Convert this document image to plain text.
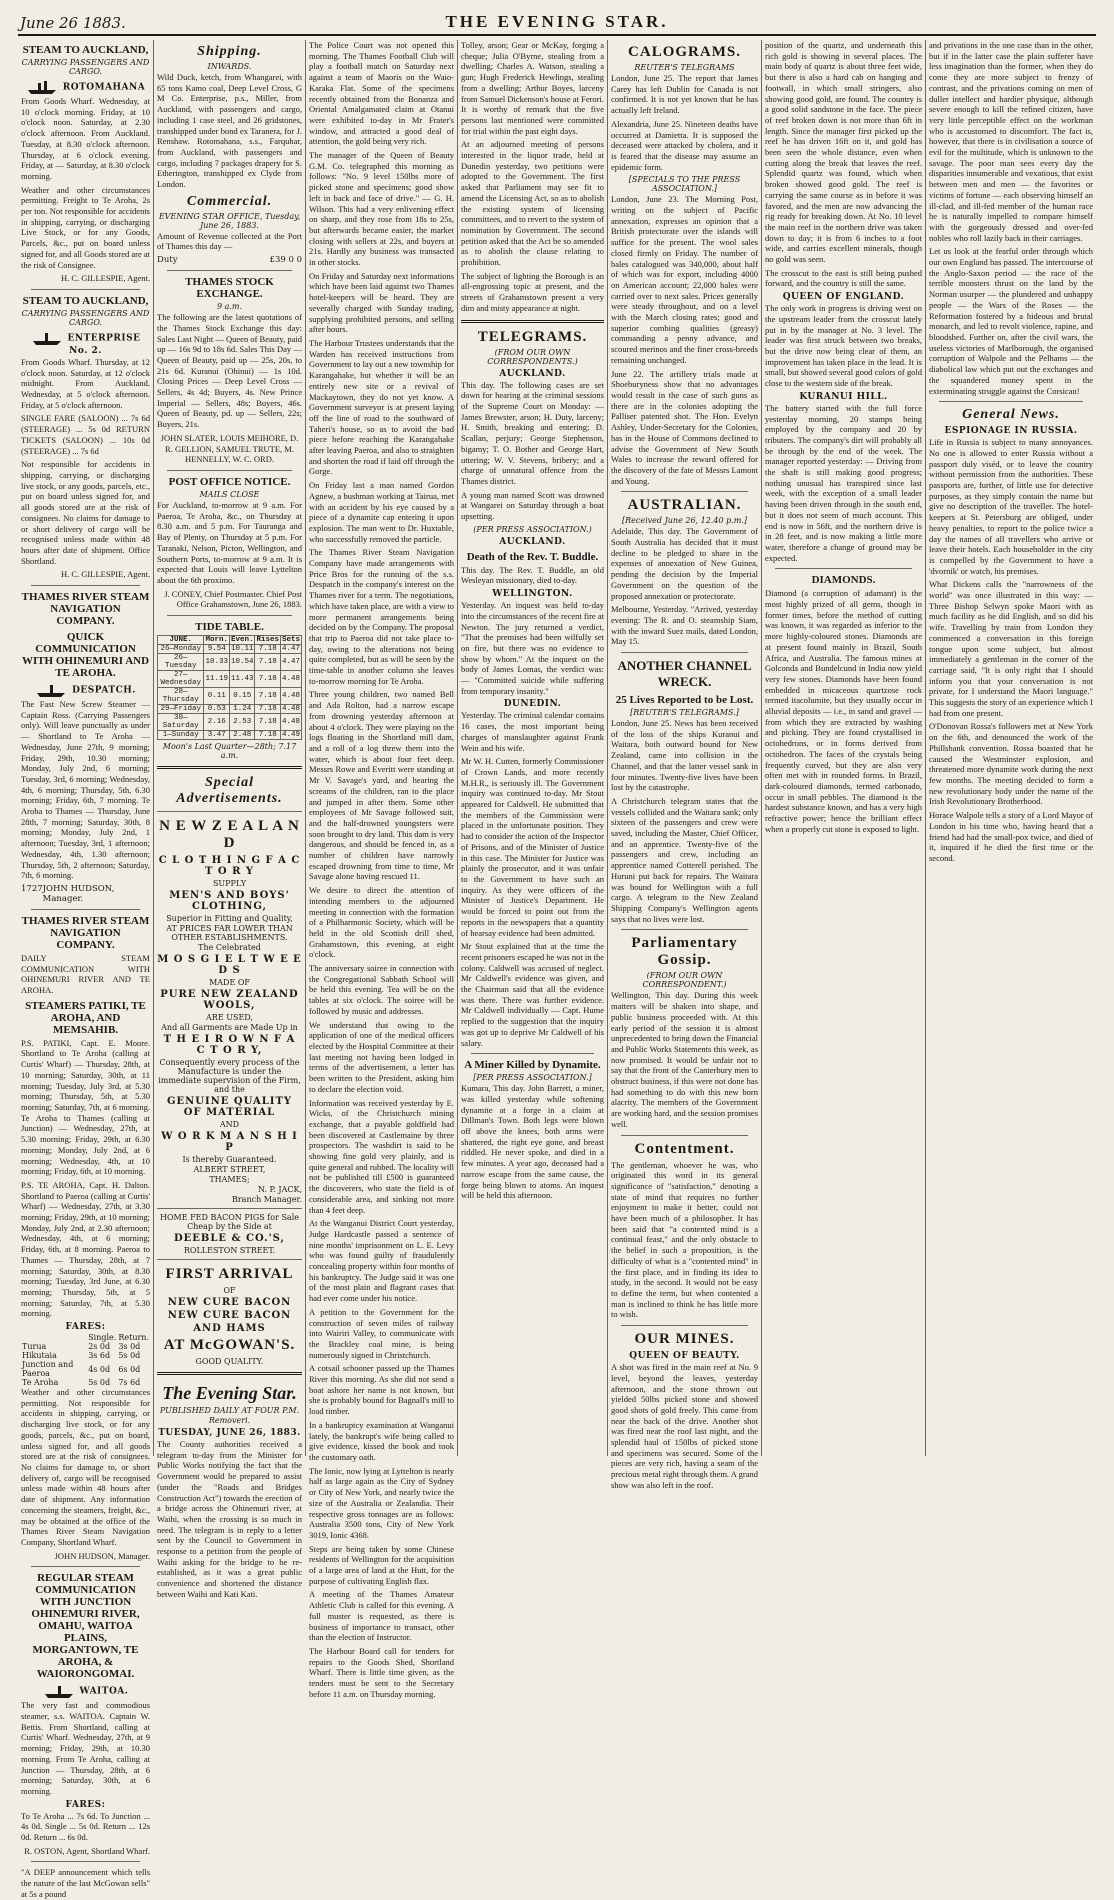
June 26 1883.	THE EVENING STAR.
STEAM TO AUCKLAND,
CARRYING PASSENGERS AND CARGO.
ROTOMAHANA

From Goods Wharf. Wednesday, at 10 o'clock morning. Friday, at 10 o'clock noon. Saturday, at 2.30 o'clock afternoon. From Auckland. Tuesday, at 8.30 o'clock afternoon. Thursday, at 6 o'clock evening. Friday, at — Saturday, at 8.30 o'clock morning.

Weather and other circumstances permitting. Freight to Te Aroha, 2s per ton. Not responsible for accidents in shipping, carrying, or discharging Live Stock, or for any Goods, Parcels, &c., put on board unless signed for, and all Goods stored are at the risk of Consignee.

H. C. GILLESPIE, Agent.

STEAM TO AUCKLAND,
CARRYING PASSENGERS AND CARGO.
ENTERPRISE No. 2.

From Goods Wharf. Thursday, at 12 o'clock noon. Saturday, at 12 o'clock midnight. From Auckland. Wednesday, at 5 o'clock afternoon. Friday, at 5 o'clock afternoon.

SINGLE FARE (SALOON) ... 7s 6d (STEERAGE) ... 5s 0d RETURN TICKETS (SALOON) ... 10s 0d (STEERAGE) ... 7s 6d

Not responsible for accidents in shipping, carrying, or discharging live stock, or any goods, parcels, etc., put on board unless signed for, and all goods stored are at the risk of consignees. No claims for damage to or short delivery of cargo will be recognised unless made within 48 hours after date of shipment. Office Shortland.

H. C. GILLESPIE, Agent.

THAMES RIVER STEAM NAVIGATION COMPANY.
QUICK COMMUNICATION WITH OHINEMURI AND TE AROHA.
DESPATCH.

The Fast New Screw Steamer — Captain Ross. (Carrying Passengers only). Will leave punctually as under — Shortland to Te Aroha — Wednesday, June 27th, 9 morning; Friday, 29th, 10.30 morning; Monday, July 2nd, 6 morning; Tuesday, 3rd, 6 morning; Wednesday, 4th, 6 morning; Thursday, 5th, 6.30 morning; Friday, 6th, 7 morning. Te Aroha to Thames — Thursday, June 28th, 7 morning; Saturday, 30th, 8 morning; Monday, July 2nd, 1 afternoon; Tuesday, 3rd, 1 afternoon; Wednesday, 4th, 1.30 afternoon; Thursday, 5th, 2 afternoon; Saturday, 7th, 6 morning.

1727 JOHN HUDSON, Manager.
THAMES RIVER STEAM NAVIGATION COMPANY.

DAILY STEAM COMMUNICATION WITH OHINEMURI RIVER AND TE AROHA.

STEAMERS PATIKI, TE AROHA, AND MEMSAHIB.

P.S. PATIKI, Capt. E. Moore. Shortland to Te Aroha (calling at Curtis' Wharf) — Thursday, 28th, at 10 morning; Saturday, 30th, at 11 morning; Tuesday, July 3rd, at 5.30 morning; Thursday, 5th, at 5.30 morning; Saturday, 7th, at 6 morning. Te Aroha to Thames (calling at Junction) — Wednesday, 27th, at 5.30 morning; Friday, 29th, at 6.30 morning; Monday, July 2nd, at 6 morning; Wednesday, 4th, at 10 morning; Friday, 6th, at 10 morning.

P.S. TE AROHA, Capt. H. Dalton. Shortland to Paeroa (calling at Curtis' Wharf) — Wednesday, 27th, at 3.30 morning; Friday, 29th, at 10 morning; Monday, July 2nd, at 2.30 afternoon; Wednesday, 4th, at 6 morning; Friday, 6th, at 8 morning. Paeroa to Thames — Thursday, 28th, at 7 morning; Saturday, 30th, at 8.30 morning; Tuesday, 3rd June, at 6.30 morning; Thursday, 5th, at 5 morning; Saturday, 7th, at 5.30 morning.

FARES:
	Single.	Return.
Turua	2s 0d	3s 0d
Hikutaia	3s 6d	5s 0d
Junction and Paeroa	4s 0d	6s 0d
Te Aroha	5s 0d	7s 6d

Weather and other circumstances permitting. Not responsible for accidents in shipping, carrying, or discharging live stock, or for any goods, parcels, &c., put on board, unless signed for, and all goods stored are at the risk of consignees. No claims for damage to, or short delivery of, cargo will be recognised unless made within 48 hours after date of shipment. Any information concerning the steamers, freight, &c., may be obtained at the office of the Thames River Steam Navigation Company, Shortland Wharf.

JOHN HUDSON, Manager.

REGULAR STEAM COMMUNICATION WITH JUNCTION OHINEMURI RIVER, OMAHU, WAITOA PLAINS, MORGANTOWN, TE AROHA, & WAIORONGOMAI.
WAITOA.

The very fast and commodious steamer, s.s. WAITOA. Captain W. Bettis. From Shortland, calling at Curtis' Wharf. Wednesday, 27th, at 9 morning; Friday, 29th, at 10.30 morning. From Te Aroha, calling at Junction — Thursday, 28th, at 6 morning; Saturday, 30th, at 6 morning.

FARES:

To Te Aroha ... 7s 6d. To Junction ... 4s 0d. Single ... 5s 0d. Return ... 12s 0d. Return ... 6s 0d.

R. OSTON, Agent, Shortland Wharf.

"A DEEP announcement which tells the nature of the last McGowan sells" at 5s a pound

Shipping.
INWARDS.

Wild Duck, ketch, from Whangarei, with 65 tons Kamo coal, Deep Level Cross, G M Co. Enterprise, p.s., Miller, from Auckland, with passengers and cargo, including 1 case steel, and 26 gridstones, transhipped under bond ex Taranera, for J. Renshaw. Rotomahana, s.s., Farquhar, from Auckland, with passengers and cargo, including 7 packages drapery for S. Etherington, transhipped ex Clyde from London.

Commercial.
EVENING STAR OFFICE, Tuesday, June 26, 1883.

Amount of Revenue collected at the Port of Thames this day —

Duty	£39 0 0
THAMES STOCK EXCHANGE.
9 a.m.

The following are the latest quotations of the Thames Stock Exchange this day: Sales Last Night — Queen of Beauty, paid up — 16s 9d to 18s 6d. Sales This Day — Queen of Beauty, paid up — 25s, 20s, to 21s 6d. Kuranui (Ohinui) — 1s 10d. Closing Prices — Deep Level Cross — Sellers, 4s 4d; Buyers, 4s. New Prince Imperial — Sellers, 48s; Buyers, 46s. Queen of Beauty, pd. up — Sellers, 22s; Buyers, 21s.

JOHN SLATER, LOUIS MEIHORE, D. R. GELLION, SAMUEL TRUTE, M. HENNELLY, W. C. ORD.

POST OFFICE NOTICE.
MAILS CLOSE

For Auckland, to-morrow at 9 a.m. For Paeroa, Te Aroha, &c., on Thursday at 8.30 a.m. and 5 p.m. For Tauranga and Bay of Plenty, on Thursday at 5 p.m. For Taranaki, Nelson, Picton, Wellington, and Southern Ports, to-morrow at 9 a.m. It is expected that Louis will leave Lyttelton about the 6th proximo.

J. CONEY, Chief Postmaster. Chief Post Office Grahamstown, June 26, 1883.

TIDE TABLE.
JUNE.	Morn.	Even.	Rises	Sets
26—Monday	9.54	10.11	7.18	4.47
26—Tuesday	10.33	10.54	7.18	4.47
27—Wednesday	11.19	11.43	7.18	4.48
28—Thursday	0.11	0.15	7.18	4.48
29—Friday	0.53	1.24	7.18	4.48
30—Saturday	2.16	2.53	7.18	4.48
1—Sunday	3.47	2.48	7.18	4.49
Moon's Last Quarter—28th; 7.17 a.m.
Special Advertisements.
N E W Z E A L A N D
C L O T H I N G F A C T O R Y
SUPPLY
MEN'S AND BOYS' CLOTHING,
Superior in Fitting and Quality,
AT PRICES FAR LOWER THAN OTHER ESTABLISHMENTS.
The Celebrated
M O S G I E L T W E E D S
MADE OF
PURE NEW ZEALAND WOOLS,
ARE USED,
And all Garments are Made Up in
T H E I R O W N F A C T O R Y,
Consequently every process of the Manufacture is under the immediate supervision of the Firm, and the
GENUINE QUALITY OF MATERIAL
AND
W O R K M A N S H I P
Is thereby Guaranteed.
ALBERT STREET,
THAMES;
N. P. JACK,
Branch Manager.
HOME FED BACON PIGS for Sale Cheap by the Side at
DEEBLE & CO.'S,
ROLLESTON STREET.
FIRST ARRIVAL
OF
NEW CURE BACON
NEW CURE BACON
AND HAMS
AT McGOWAN'S.
GOOD QUALITY.
The Evening Star.
PUBLISHED DAILY AT FOUR P.M.
Removeri.
TUESDAY, JUNE 26, 1883.

The County authorities received a telegram to-day from the Minister for Public Works notifying the fact that the Government would be prepared to assist (under the "Roads and Bridges Construction Act") towards the erection of a bridge across the Ohinemuri river, at Waihi, when the crossing is so much in need. The telegram is in reply to a letter sent by the Council to Government in response to a petition from the people of Waihi asking for the bridge to be re-established, as it was a great public convenience and shortened the distance between Waihi and Kati Kati.

The Police Court was not opened this morning. The Thames Football Club will play a football match on Saturday next against a team of Maoris on the Waio-Karaka Flat. Some of the specimens recently obtained from the Bonanza and Oriental Amalgamated claim at Otanui were exhibited to-day in Mr Frater's window, and attracted a good deal of attention, the gold being very rich.

The manager of the Queen of Beauty G.M. Co. telegraphed this morning as follows: "No. 9 level 150lbs more of picked stone and specimens; good show left in back and face of drive." — G. H. Wilson. This had a very enlivening effect on sharp, and they rose from 18s to 25s, but afterwards became easier, the market closing with sellers at 22s, and buyers at 21s. Hardly any business was transacted in other stocks.

On Friday and Saturday next informations which have been laid against two Thames hotel-keepers will be heard. They are severally charged with Sunday trading, supplying prohibited persons, and selling after hours.

The Harbour Trustees understands that the Warden has received instructions from Government to lay out a new township for Karangahake, but whether it will be an entirely new site or a revival of Mackaytown, they do not yet know. A Government surveyor is at present laying off the line of road to the southward of Taheri's house, so as to avoid the bad piece before reaching the Karangahake after leaving Paeroa, and also to straighten and shorten the road if laid off through the Gorge.

On Friday last a man named Gordon Agnew, a bushman working at Tairua, met with an accident by his eye caused by a piece of a dynamite cap entering it upon explosion. The man went to Dr. Huxtable, who successfully removed the particle.

The Thames River Steam Navigation Company have made arrangements with Price Bros for the running of the s.s. Despatch in the company's interest on the Thames river for a term. The negotiations, which have taken place, are with a view to more permanent arrangements being decided on by the Company. The proposal that trip to Paeroa did not take place to-day, owing to the alterations not being quite completed, but as will be seen by the time-table in another column she leaves to-morrow morning for Te Aroha.

Three young children, two named Bell and Ada Rolton, had a narrow escape from drowning yesterday afternoon at about 4 o'clock. They were playing on the logs floating in the Shortland mill dam, and a roll of a log threw them into the water, which is about four feet deep. Messrs Rowe and Everitt were standing at Mr V. Savage's yard, and hearing the screams of the children, ran to the place and jumped in after them. Some other employees of Mr Savage followed suit, and the half-drowned youngsters were soon brought to dry land. This dam is very dangerous, and should be fenced in, as a number of children have narrowly escaped drowning from time to time, Mr Savage alone having rescued 11.

We desire to direct the attention of intending members to the adjourned meeting in connection with the formation of a Philharmonic Society, which will be held in the old Scottish drill shed, Grahamstown, this evening, at eight o'clock.

The anniversary soiree in connection with the Congregational Sabbath School will be held this evening. Tea will be on the tables at six o'clock. The soiree will be followed by music and addresses.

We understand that owing to the application of one of the medical officers elected by the Hospital Committee at their last meeting not having been lodged in terms of the advertisement, a letter has been written to the President, asking him to declare the election void.

Information was received yesterday by E. Wicks, of the Christchurch mining exchange, that a payable goldfield had been discovered at Castlemaine by three prospectors. The washdirt is said to be showing fine gold very plainly, and is quite general and rubbed. The locality will not be published till £500 is guaranteed the discoverers, who state the field is of considerable area, and sinking not more than 4 feet deep.

At the Wanganui District Court yesterday, Judge Hardcastle passed a sentence of nine months' imprisonment on L. E. Levy who was found guilty of fraudulently concealing property within four months of his bankruptcy. The Judge said it was one of the most plain and flagrant cases that had ever come under his notice.

A petition to the Government for the construction of seven miles of railway into Wairiri Valley, to communicate with the Brackley coal mine, is being numerously signed in Christchurch.

A cotsail schooner passed up the Thames River this morning. As she did not send a boat ashore her name is not known, but she is probably bound for Bagnall's mill to load timber.

In a bankruptcy examination at Wanganui lately, the bankrupt's wife being called to give evidence, kissed the book and took the customary oath.

The Ionic, now lying at Lyttelton is nearly half as large again as the City of Sydney or City of New York, and nearly twice the size of the Australia or Zealandia. Their respective gross tonnages are as follows: Australia 3500 tons, City of New York 3019, Ionic 4368.

Steps are being taken by some Chinese residents of Wellington for the acquisition of a large area of land at the Hutt, for the purpose of cultivating English flax.

A meeting of the Thames Amateur Athletic Club is called for this evening. A full muster is requested, as there is business of importance to transact, other than the election of Instructor.

The Harbour Board call for tenders for repairs to the Goods Shed, Shortland Wharf. There is little time given, as the tenders must be sent to the Secretary before 11 a.m. on Thursday morning.

Tolley, arson; Gear or McKay, forging a cheque; Julia O'Byrne, stealing from a dwelling; Charles A. Watson, stealing a gun; Hugh Frederick Hewlings, stealing from a dwelling; Arthur Boyes, larceny from Samuel Dickenson's house at Ferori. It is worthy of remark that the five persons last mentioned were committed for trial within the past eight days.

At an adjourned meeting of persons interested in the liquor trade, held at Dunedin yesterday, two petitions were adopted to the Government. The first asked that Parliament may see fit to amend the Licensing Act, so as to abolish the existing system of licensing committees, and to revert to the system of nomination by Government. The second petition asked that the Act be so amended as to abolish the clause relating to prohibition.

The subject of lighting the Borough is an all-engrossing topic at present, and the streets of Grahamstown present a very dim and misty appearance at night.

TELEGRAMS.
(FROM OUR OWN CORRESPONDENTS.)
AUCKLAND.

This day. The following cases are set down for hearing at the criminal sessions of the Supreme Court on Monday: — James Brewster, arson; H. Duty, larceny; H. Smith, breaking and entering; D. Scallan, perjury; George Stephenson, bigamy; T. O. Bother and George Hart, uttering; W. V. Stevens, bribery; and a charge of unnatural offence from the Thames district.

A young man named Scott was drowned at Wangarei on Saturday through a boat upsetting.

(PER PRESS ASSOCIATION.)
AUCKLAND.
Death of the Rev. T. Buddle.

This day. The Rev. T. Buddle, an old Wesleyan missionary, died to-day.

WELLINGTON.

Yesterday. An inquest was held to-day into the circumstances of the recent fire at Newton. The jury returned a verdict, "That the premises had been wilfully set on fire, but there was no evidence to show by whom." At the inquest on the body of James Lomas, the verdict was: — "Committed suicide while suffering from temporary insanity."

DUNEDIN.

Yesterday. The criminal calendar contains 16 cases, the most important being charges of manslaughter against Frank Wein and his wife.

Mr W. H. Cutten, formerly Commissioner of Crown Lands, and more recently M.H.R., is seriously ill. The Government inquiry was continued to-day. Mr Stout appeared for Caldwell. He submitted that the members of the Commission were placed in the unfortunate position. They had to consider the action of the Inspector of Prisons, and of the Minister of Justice in this case. The Minister for Justice was plainly the prosecutor, and it was unfair to the Government to have such an inquiry. As they were officers of the Minister of Justice's Department. He would be forced to point out from the reports in the newspapers that a quantity of hearsay evidence had been admitted.

Mr Stout explained that at the time the recent prisoners escaped he was not in the colony. Caldwell was accused of neglect. Mr Caldwell's evidence was given, and the Chairman said that all the evidence was there. There was further evidence. Mr Caldwell individually — Capt. Hume replied to the suggestion that the inquiry was got up to deprive Mr Caldwell of his salary.

A Miner Killed by Dynamite.
[PER PRESS ASSOCIATION.]

Kumara, This day. John Barrett, a miner, was killed yesterday while softening dynamite at a forge in a claim at Dillman's Town. Both legs were blown off above the knees, both arms were shattered, the right eye gone, and breast riddled. He never spoke, and died in a few minutes. A year ago, deceased had a narrow escape from the same cause, the forge being blown to atoms. An inquest will be held this afternoon.

CALOGRAMS.
REUTER'S TELEGRAMS

London, June 25. The report that James Carey has left Dublin for Canada is not confirmed. It is not yet known that he has actually left Ireland.

Alexandria, June 25. Nineteen deaths have occurred at Damietta. It is supposed the deceased were attacked by cholera, and it is feared that the disease may assume an epidemic form.

[SPECIALS TO THE PRESS ASSOCIATION.]

London, June 23. The Morning Post, writing on the subject of Pacific annexation, expresses an opinion that a British protectorate over the islands will suffice for the present. The wool sales closed firmly on Friday. The number of bales catalogued was 340,000, about half of which was for export, including 4000 on American account; 22,000 bales were carried over to next sales. Prices generally were steady throughout, and on a level with the March closing rates; good and superior combing qualities (greasy) commanding a penny advance, and scoured merinos and the finer cross-breeds remaining unchanged.

June 22. The artillery trials made at Shoeburyness show that no advantages would result in the case of such guns as there are in the colonies adopting the Palliser patented shot. The Hon. Evelyn Ashley, Under-Secretary for the Colonies, has in the House of Commons declined to advise the Government of New South Wales to increase the reward offered for the discovery of the fate of Messrs Lamont and Young.

AUSTRALIAN.
[Received June 26, 12.40 p.m.]

Adelaide, This day. The Government of South Australia has decided that it must decline to be pledged to share in the expenses of annexation of New Guinea, pending the decision by the Imperial Government on the question of the proposed annexation or protectorate.

Melbourne, Yesterday. "Arrived, yesterday evening: The R. and O. steamship Siam, with the inward Suez mails, dated London, May 15.

ANOTHER CHANNEL WRECK.
25 Lives Reported to be Lost.
[REUTER'S TELEGRAMS.]

London, June 25. News has been received of the loss of the ships Kuranui and Waitara, both outward bound for New Zealand, came into collision in the Channel, and that the latter vessel sank in four minutes. Twenty-five lives have been lost by the catastrophe.

A Christchurch telegram states that the vessels collided and the Waitara sank; only sixteen of the passengers and crew were saved, including the Master, Chief Officer, and an apprentice. Twenty-five of the passengers and crew, including an apprentice named Cotterell perished. The Huruni put back for repairs. The Waitara was bound for Wellington with a full cargo. A telegram to the New Zealand Shipping Company's Wellington agents says that no lives were lost.

Parliamentary Gossip.
(FROM OUR OWN CORRESPONDENT.)

Wellington, This day. During this week matters will be shaken into shape, and public business proceeded with. At this early period of the session it is almost unprecedented to bring down the Financial and Public Works Statements this week, as now promised. It would be unfair not to say that the front of the Canterbury men to obstruct business, if this were not done has had something to do with this new born alacrity. The members of the Government are working hard, and the session promises well.

Contentment.

The gentleman, whoever he was, who originated this word in its general significance of "satisfaction," denoting a state of mind that requires no further enjoyment to make it better, could not have been much of a philosopher. It has been said that "a contented mind is a continual feast," and the only obstacle to the belief in such a proposition, is the difficulty of what is a "contented mind" in the first place, and in finding its idea to study, in the second. It would not be easy to define the term, but when contented a man is inclined to think he has little more to wish.

OUR MINES.
QUEEN OF BEAUTY.

A shot was fired in the main reef at No. 9 level, beyond the leaves, yesterday afternoon, and the stone thrown out yielded 50lbs picked stone and showed good shots of gold freely. This came from near the back of the drive. Another shot was fired near the roof last night, and the splendid haul of 150lbs of picked stone and specimens was secured. Some of the pieces are very rich, having a seam of the precious metal right through them. A grand show was also left in the roof.

position of the quartz, and underneath this rich gold is showing in several places. The main body of quartz is about three feet wide, but there is also a hard cab on hanging and footwall, in which small stringers, also showing good gold, are found. The country is a good solid sandstone in the face. The piece of reef broken down is not more than 6ft in length. Since the manager first picked up the reef he has driven 16ft on it, and gold has been seen the whole distance, even when cutting along the break that leaves the reef. Splendid quartz was found, which when broken showed good gold. The reef is carrying the same course as in before it was favored, and the men are now advancing the rig ready for breaking down. At No. 10 level the main reef in the northern drive was taken down to day; it is from 6 inches to a foot wide, and carries excellent minerals, though no gold was seen.

The crosscut to the east is still being pushed forward, and the country is still the same.

QUEEN OF ENGLAND.

The only work in progress is driving west on the upstream leader from the crosscut lately put in by the manager at No. 3 level. The leader was first struck between two breaks, but the drive now being clear of them, an improvement has taken place in the lead. It is small, but showed several good colors of gold close to the western side of the break.

KURANUI HILL.

The battery started with the full force yesterday morning, 20 stamps being employed by the company and 20 by tributers. The company's dirt will probably all be through by the end of the week. The manager reported yesterday: — Driving from the shaft is still making good progress; nothing unusual has transpired since last week, with the exception of a small leader having been driven through in the south end, but it does not seem of much account. This end is now in 56ft, and the northern drive is in 28 feet, and is now making a little more water, therefore a change of ground may be expected.

DIAMONDS.

Diamond (a corruption of adamant) is the most highly prized of all gems, though in former times, before the method of cutting was known, it was regarded as inferior to the more highly-coloured stones. Diamonds are at present found mainly in Brazil, South Africa, and Australia. The famous mines at Golconda and Bundelcund in India now yield very few stones. Diamonds have been found embedded in micaceous quartzose rock termed itacolumite, but they usually occur in alluvial deposits — i.e., in sand and gravel — from which they are extracted by washing and picking. They are found crystallised in octohedrons, or in forms derived from octohedron. The faces of the crystals being frequently curved, but they are also very often met with in rounded forms. In Brazil, dark-coloured diamonds, termed carbonado, occur in small pebbles. The diamond is the hardest substance known, and has a very high refractive power; hence the brilliant effect when a properly cut stone is exposed to light.

and privations in the one case than in the other, but if in the latter case the plain sufferer have less imagination than the former, when they do come they are more subject to frenzy of contrast, and the privations coming on men of duller intellect and hardier physique, although severe enough to kill the refined citizen, have very little perceptible effect on the workman who is accustomed to discomfort. The fact is, however, that there is in civilisation a source of evil for the multitude, which is unknown to the savage. The poor man sees every day the disparities innumerable and vexatious, that exist between men and men — the favorites or victims of fortune — each observing himself an ill-clad, and ill-fed member of the human race he is naturally impelled to compare himself with the gorgeously dressed and over-fed nobles who roll lazily back in their carriages.

Let us look at the fearful order through which our own England has passed. The intercourse of the Anglo-Saxon period — the race of the terrible monsters thrust on the land by the Norman usurper — the plundered and unhappy people — the Wars of the Roses — the Reformation fostered by a hideous and brutal monarch, and led to revolt violence, rapine, and bloodshed. Further on, after the civil wars, the useless victories of Marlborough, the organised corruption of Walpole and the Pelhams — the diabolical law which put out the exchanges and the squandered money spent in the exterminating struggle against the Corsican!

General News.
ESPIONAGE IN RUSSIA.

Life in Russia is subject to many annoyances. No one is allowed to enter Russia without a passport duly viséd, or to leave the country without permission from the authorities. These passports are, further, of little use for detective purposes, as they simply contain the name but give no description of the traveller. The hotel-keepers at St. Petersburg are obliged, under heavy penalties, to report to the police twice a day the names of all travellers who arrive or leave their hotels. Each householder in the city is compelled by the Government to have a 'dvornik' or watch, his premises.

What Dickens calls the "narrowness of the world" was once illustrated in this way: — Three Bishop Selwyn spoke Maori with as much facility as he did English, and so did his wife. Travelling by train from London they commenced a conversation in this foreign tongue upon some subject, but almost immediately a gentleman in the corner of the carriage said, "It is only right that I should inform you that your conversation is not private, for I understand the Maori language." This suggests the story of an experience which I had from one present.

O'Donovan Rossa's followers met at New York on the 6th, and denounced the work of the Phillsbank convention. Rossa boasted that he caused the Westminster explosion, and threatened more dynamite work during the next few months. The meeting decided to form a new revolutionary body under the name of the Irish Revolutionary Brotherhood.

Horace Walpole tells a story of a Lord Mayor of London in his time who, having heard that a friend had had the small-pox twice, and died of it, inquired if he died the first time or the second.
